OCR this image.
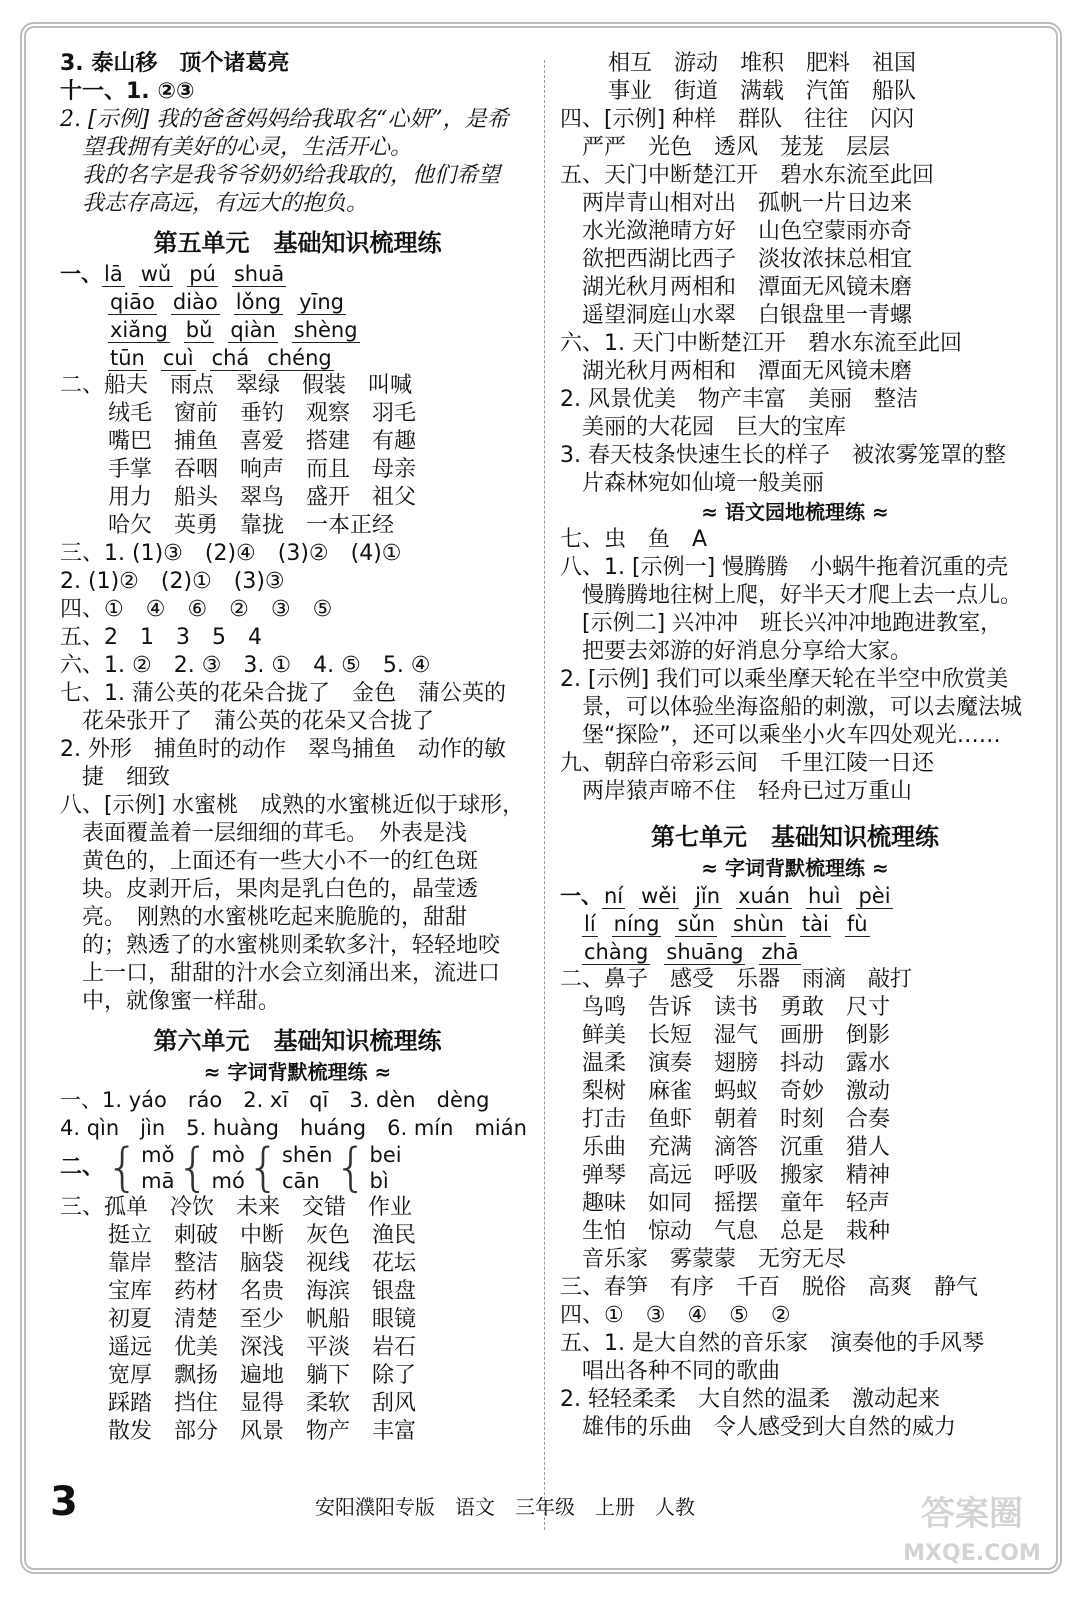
3. 泰山移　顶个诸葛亮
十一、1. ②③
2. [示例] 我的爸爸妈妈给我取名“心妍”，是希
望我拥有美好的心灵，生活开心。
我的名字是我爷爷奶奶给我取的，他们希望
我志存高远，有远大的抱负。
第五单元　基础知识梳理练
一、lā wǔ pú shuā
qiāo diào lǒng yīng
xiǎng bǔ qiàn shèng
tūn cuì chá chéng
二、船夫　雨点　翠绿　假装　叫喊
绒毛　窗前　垂钓　观察　羽毛
嘴巴　捕鱼　喜爱　搭建　有趣
手掌　吞咽　响声　而且　母亲
用力　船头　翠鸟　盛开　祖父
哈欠　英勇　靠拢　一本正经
三、1. (1)③　(2)④　(3)②　(4)①
2. (1)②　(2)①　(3)③
四、①　④　⑥　②　③　⑤
五、2　1　3　5　4
六、1. ②　2. ③　3. ①　4. ⑤　5. ④
七、1. 蒲公英的花朵合拢了　金色　蒲公英的
花朵张开了　蒲公英的花朵又合拢了
2. 外形　捕鱼时的动作　翠鸟捕鱼　动作的敏
捷　细致
八、[示例] 水蜜桃　成熟的水蜜桃近似于球形，
表面覆盖着一层细细的茸毛。　外表是浅
黄色的，上面还有一些大小不一的红色斑
块。皮剥开后，果肉是乳白色的，晶莹透
亮。　刚熟的水蜜桃吃起来脆脆的，甜甜
的；熟透了的水蜜桃则柔软多汁，轻轻地咬
上一口，甜甜的汁水会立刻涌出来，流进口
中，就像蜜一样甜。
第六单元　基础知识梳理练
≈ 字词背默梳理练 ≈
一、1. yáo　ráo　2. xī　qī　3. dèn　dèng
4. qìn　jìn　5. huàng　huáng　6. mín　mián
二、 { mǒ
mā { mò
mó { shēn
cān { bei
bì
三、孤单　冷饮　未来　交错　作业
挺立　刺破　中断　灰色　渔民
靠岸　整洁　脑袋　视线　花坛
宝库　药材　名贵　海滨　银盘
初夏　清楚　至少　帆船　眼镜
遥远　优美　深浅　平淡　岩石
宽厚　飘扬　遍地　躺下　除了
踩踏　挡住　显得　柔软　刮风
散发　部分　风景　物产　丰富
相互　游动　堆积　肥料　祖国
事业　街道　满载　汽笛　船队
四、[示例] 种样　群队　往往　闪闪
严严　光色　透风　茏茏　层层
五、天门中断楚江开　碧水东流至此回
两岸青山相对出　孤帆一片日边来
水光潋滟晴方好　山色空蒙雨亦奇
欲把西湖比西子　淡妆浓抹总相宜
湖光秋月两相和　潭面无风镜未磨
遥望洞庭山水翠　白银盘里一青螺
六、1. 天门中断楚江开　碧水东流至此回
湖光秋月两相和　潭面无风镜未磨
2. 风景优美　物产丰富　美丽　整洁
美丽的大花园　巨大的宝库
3. 春天枝条快速生长的样子　被浓雾笼罩的整
片森林宛如仙境一般美丽
≈ 语文园地梳理练 ≈
七、虫　鱼　A
八、1. [示例一] 慢腾腾　小蜗牛拖着沉重的壳
慢腾腾地往树上爬，好半天才爬上去一点儿。
[示例二] 兴冲冲　班长兴冲冲地跑进教室，
把要去郊游的好消息分享给大家。
2. [示例] 我们可以乘坐摩天轮在半空中欣赏美
景，可以体验坐海盗船的刺激，可以去魔法城
堡“探险”，还可以乘坐小火车四处观光……
九、朝辞白帝彩云间　千里江陵一日还
两岸猿声啼不住　轻舟已过万重山
第七单元　基础知识梳理练
≈ 字词背默梳理练 ≈
一、ní wěi jǐn xuán huì pèi
lí níng sǔn shùn tài fù
chàng shuāng zhā
二、鼻子　感受　乐器　雨滴　敲打
鸟鸣　告诉　读书　勇敢　尺寸
鲜美　长短　湿气　画册　倒影
温柔　演奏　翅膀　抖动　露水
梨树　麻雀　蚂蚁　奇妙　激动
打击　鱼虾　朝着　时刻　合奏
乐曲　充满　滴答　沉重　猎人
弹琴　高远　呼吸　搬家　精神
趣味　如同　摇摆　童年　轻声
生怕　惊动　气息　总是　栽种
音乐家　雾蒙蒙　无穷无尽
三、春笋　有序　千百　脱俗　高爽　静气
四、①　③　④　⑤　②
五、1. 是大自然的音乐家　演奏他的手风琴
唱出各种不同的歌曲
2. 轻轻柔柔　大自然的温柔　激动起来
雄伟的乐曲　令人感受到大自然的威力
3	安阳濮阳专版　语文　三年级　上册　人教	答案圈
MXQE.COM
